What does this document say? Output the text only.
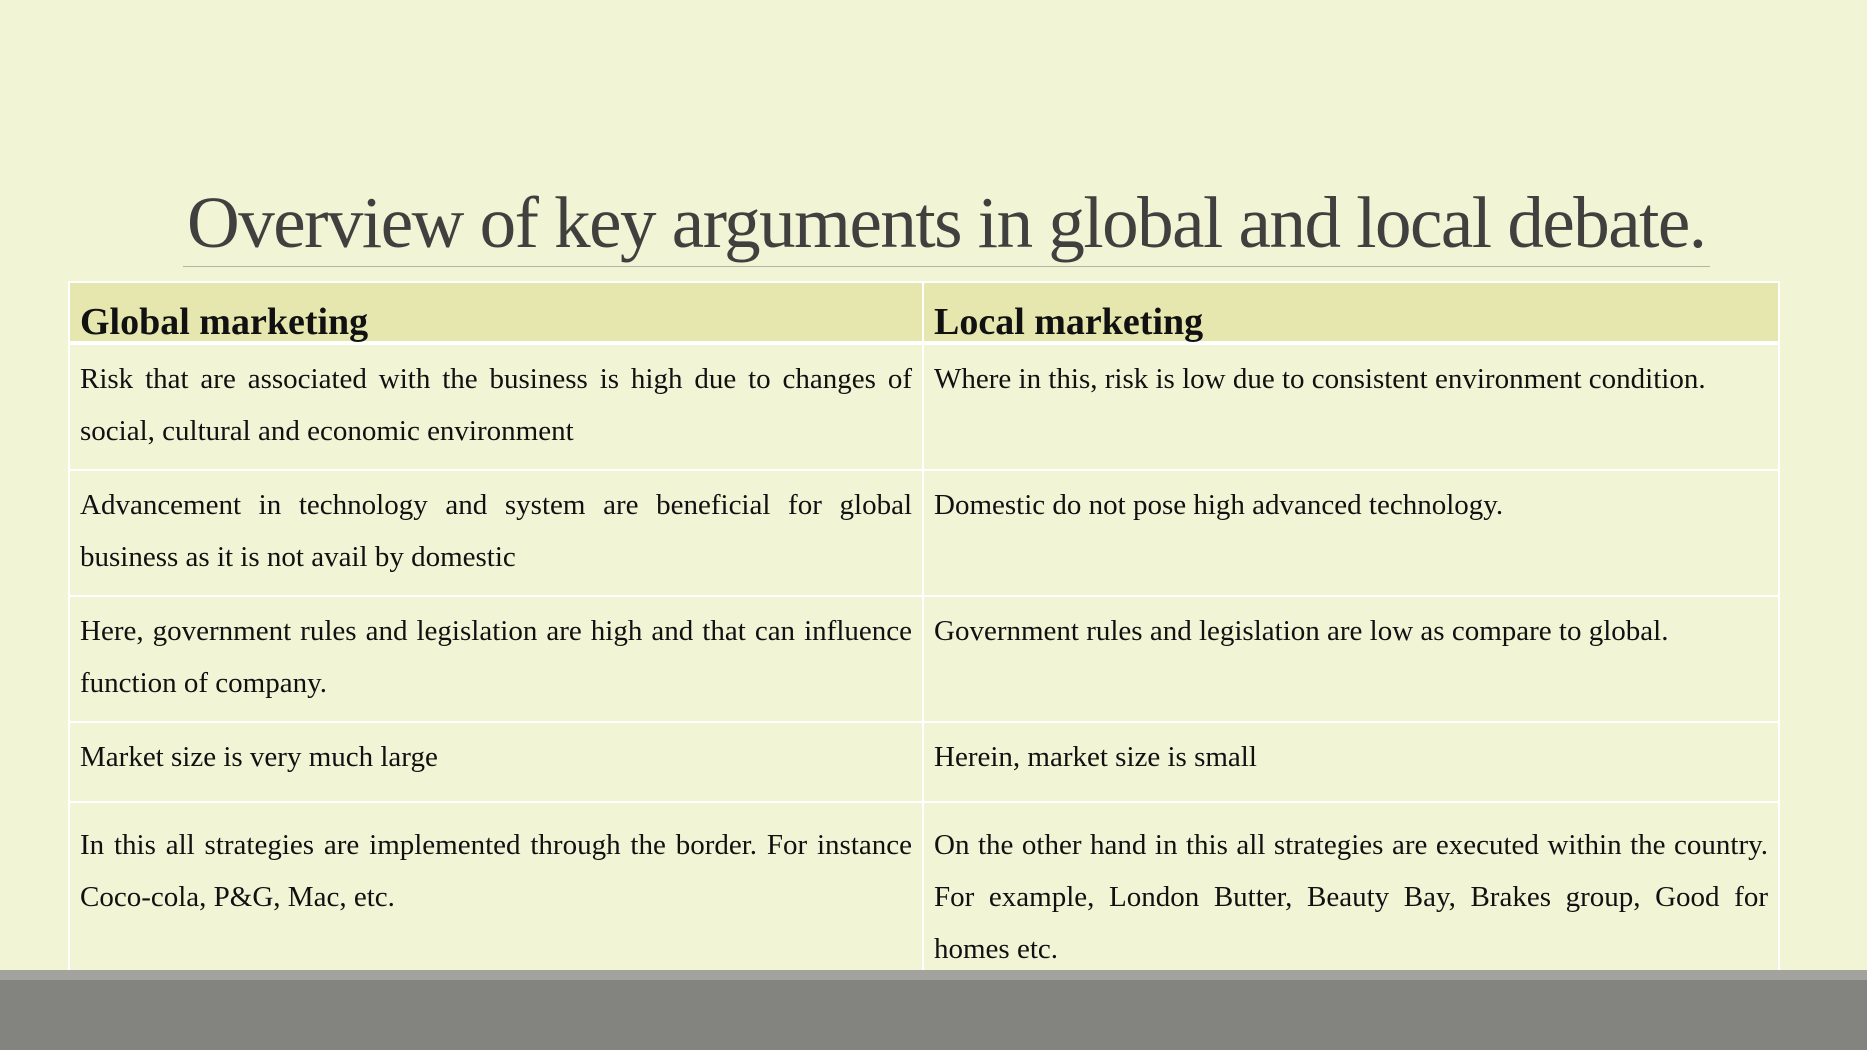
Overview of key arguments in global and local debate.
Global marketing	Local marketing
Risk that are associated with the business is high due to changes of social, cultural and economic environment	Where in this, risk is low due to consistent environment condition.
Advancement in technology and system are beneficial for global business as it is not avail by domestic	Domestic do not pose high advanced technology.
Here, government rules and legislation are high and that can influence function of company.	Government rules and legislation are low as compare to global.
Market size is very much large	Herein, market size is small
In this all strategies are implemented through the border. For instance Coco-cola, P&G, Mac, etc.	On the other hand in this all strategies are executed within the country. For example, London Butter, Beauty Bay, Brakes group, Good for homes etc.
